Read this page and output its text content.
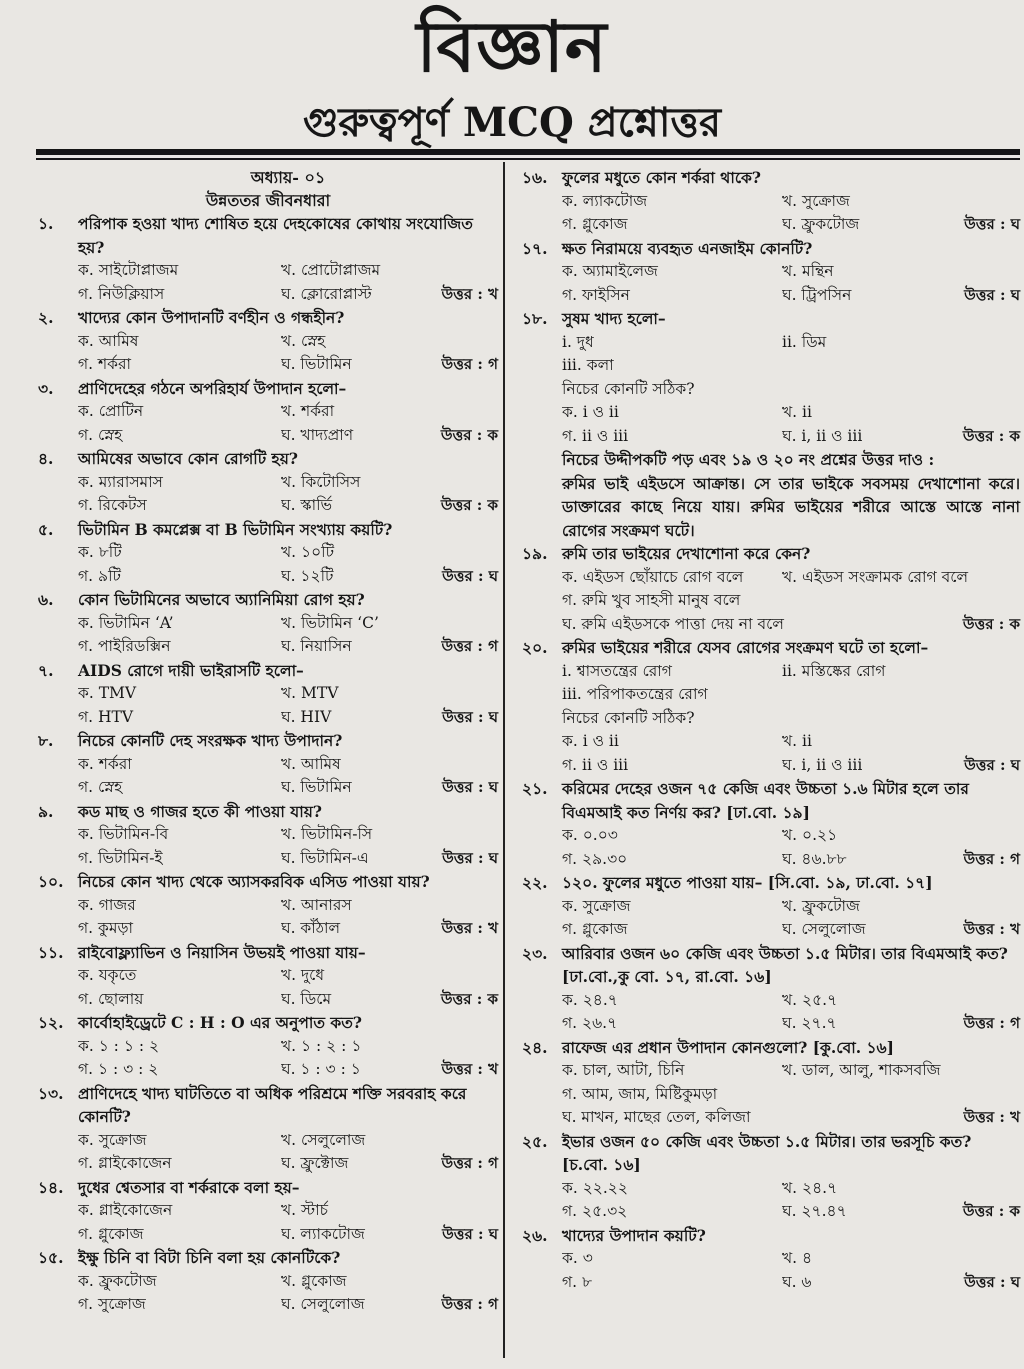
বিজ্ঞান
গুরুত্বপূর্ণ MCQ প্রশ্নোত্তর
অধ্যায়- ০১
উন্নততর জীবনধারা
১.	পরিপাক হওয়া খাদ্য শোষিত হয়ে দেহকোষের কোথায় সংযোজিত হয়?
ক. সাইটোপ্লাজম	খ. প্রোটোপ্লাজম
গ. নিউক্লিয়াস	ঘ. ক্লোরোপ্লাস্ট	উত্তর : খ
২.	খাদ্যের কোন উপাদানটি বর্ণহীন ও গন্ধহীন?
ক. আমিষ	খ. স্নেহ
গ. শর্করা	ঘ. ভিটামিন	উত্তর : গ
৩.	প্রাণিদেহের গঠনে অপরিহার্য উপাদান হলো–
ক. প্রোটিন	খ. শর্করা
গ. স্নেহ	ঘ. খাদ্যপ্রাণ	উত্তর : ক
৪.	আমিষের অভাবে কোন রোগটি হয়?
ক. ম্যারাসমাস	খ. কিটোসিস
গ. রিকেটস	ঘ. স্কার্ভি	উত্তর : ক
৫.	ভিটামিন B কমপ্লেক্স বা B ভিটামিন সংখ্যায় কয়টি?
ক. ৮টি	খ. ১০টি
গ. ৯টি	ঘ. ১২টি	উত্তর : ঘ
৬.	কোন ভিটামিনের অভাবে অ্যানিমিয়া রোগ হয়?
ক. ভিটামিন ‘A’	খ. ভিটামিন ‘C’
গ. পাইরিডক্সিন	ঘ. নিয়াসিন	উত্তর : গ
৭.	AIDS রোগে দায়ী ভাইরাসটি হলো–
ক. TMV	খ. MTV
গ. HTV	ঘ. HIV	উত্তর : ঘ
৮.	নিচের কোনটি দেহ সংরক্ষক খাদ্য উপাদান?
ক. শর্করা	খ. আমিষ
গ. স্নেহ	ঘ. ভিটামিন	উত্তর : ঘ
৯.	কড মাছ ও গাজর হতে কী পাওয়া যায়?
ক. ভিটামিন-বি	খ. ভিটামিন-সি
গ. ভিটামিন-ই	ঘ. ভিটামিন-এ	উত্তর : ঘ
১০. নিচের কোন খাদ্য থেকে অ্যাসকরবিক এসিড পাওয়া যায়?
ক. গাজর	খ. আনারস
গ. কুমড়া	ঘ. কাঁঠাল	উত্তর : খ
১১. রাইবোফ্ল্যাভিন ও নিয়াসিন উভয়ই পাওয়া যায়–
ক. যকৃতে	খ. দুধে
গ. ছোলায়	ঘ. ডিমে	উত্তর : ক
১২. কার্বোহাইড্রেটে C : H : O এর অনুপাত কত?
ক. ১ : ১ : ২	খ. ১ : ২ : ১
গ. ১ : ৩ : ২	ঘ. ১ : ৩ : ১	উত্তর : খ
১৩. প্রাণিদেহে খাদ্য ঘাটতিতে বা অধিক পরিশ্রমে শক্তি সরবরাহ করে কোনটি?
ক. সুক্রোজ	খ. সেলুলোজ
গ. গ্লাইকোজেন	ঘ. ফ্রুক্টোজ	উত্তর : গ
১৪. দুধের শ্বেতসার বা শর্করাকে বলা হয়–
ক. গ্লাইকোজেন	খ. স্টার্চ
গ. গ্লুকোজ	ঘ. ল্যাকটোজ	উত্তর : ঘ
১৫. ইক্ষু চিনি বা বিটা চিনি বলা হয় কোনটিকে?
ক. ফ্রুকটোজ	খ. গ্লুকোজ
গ. সুক্রোজ	ঘ. সেলুলোজ	উত্তর : গ
১৬. ফুলের মধুতে কোন শর্করা থাকে?
ক. ল্যাকটোজ	খ. সুক্রোজ
গ. গ্লুকোজ	ঘ. ফ্রুকটোজ	উত্তর : ঘ
১৭. ক্ষত নিরাময়ে ব্যবহৃত এনজাইম কোনটি?
ক. অ্যামাইলেজ	খ. মন্থিন
গ. ফাইসিন	ঘ. ট্রিপসিন	উত্তর : ঘ
১৮. সুষম খাদ্য হলো–
i. দুধ	ii. ডিম
iii. কলা
নিচের কোনটি সঠিক?
ক. i ও ii	খ. ii
গ. ii ও iii	ঘ. i, ii ও iii	উত্তর : ক
নিচের উদ্দীপকটি পড় এবং ১৯ ও ২০ নং প্রশ্নের উত্তর দাও :
রুমির ভাই এইডসে আক্রান্ত। সে তার ভাইকে সবসময় দেখাশোনা করে। ডাক্তারের কাছে নিয়ে যায়। রুমির ভাইয়ের শরীরে আস্তে আস্তে নানা রোগের সংক্রমণ ঘটে।
১৯. রুমি তার ভাইয়ের দেখাশোনা করে কেন?
ক. এইডস ছোঁয়াচে রোগ বলে	খ. এইডস সংক্রামক রোগ বলে
গ. রুমি খুব সাহসী মানুষ বলে
ঘ. রুমি এইডসকে পাত্তা দেয় না বলে	উত্তর : ক
২০. রুমির ভাইয়ের শরীরে যেসব রোগের সংক্রমণ ঘটে তা হলো–
i. শ্বাসতন্ত্রের রোগ	ii. মস্তিষ্কের রোগ
iii. পরিপাকতন্ত্রের রোগ
নিচের কোনটি সঠিক?
ক. i ও ii	খ. ii
গ. ii ও iii	ঘ. i, ii ও iii	উত্তর : ঘ
২১. করিমের দেহের ওজন ৭৫ কেজি এবং উচ্চতা ১.৬ মিটার হলে তার বিএমআই কত নির্ণয় কর? [ঢা.বো. ১৯]
ক. ০.০৩	খ. ০.২১
গ. ২৯.৩০	ঘ. ৪৬.৮৮	উত্তর : গ
২২. ১২০. ফুলের মধুতে পাওয়া যায়– [সি.বো. ১৯, ঢা.বো. ১৭]
ক. সুক্রোজ	খ. ফ্রুকটোজ
গ. গ্লুকোজ	ঘ. সেলুলোজ	উত্তর : খ
২৩. আরিবার ওজন ৬০ কেজি এবং উচ্চতা ১.৫ মিটার। তার বিএমআই কত? [ঢা.বো.,কু বো. ১৭, রা.বো. ১৬]
ক. ২৪.৭	খ. ২৫.৭
গ. ২৬.৭	ঘ. ২৭.৭	উত্তর : গ
২৪. রাফেজ এর প্রধান উপাদান কোনগুলো? [কু.বো. ১৬]
ক. চাল, আটা, চিনি	খ. ডাল, আলু, শাকসবজি
গ. আম, জাম, মিষ্টিকুমড়া
ঘ. মাখন, মাছের তেল, কলিজা	উত্তর : খ
২৫. ইভার ওজন ৫০ কেজি এবং উচ্চতা ১.৫ মিটার। তার ভরসূচি কত? [চ.বো. ১৬]
ক. ২২.২২	খ. ২৪.৭
গ. ২৫.৩২	ঘ. ২৭.৪৭	উত্তর : ক
২৬. খাদ্যের উপাদান কয়টি?
ক. ৩	খ. ৪
গ. ৮	ঘ. ৬	উত্তর : ঘ
